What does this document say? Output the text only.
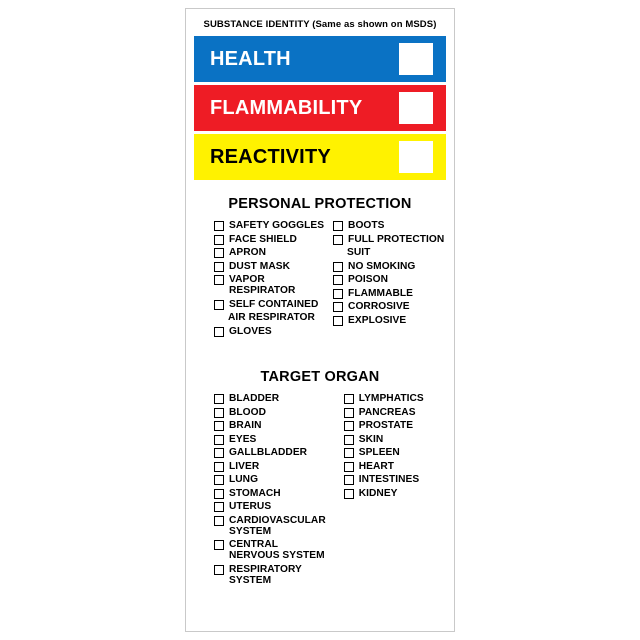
SUBSTANCE IDENTITY (Same as shown on MSDS)
HEALTH
FLAMMABILITY
REACTIVITY
PERSONAL PROTECTION
SAFETY GOGGLES
FACE SHIELD
APRON
DUST MASK
VAPOR RESPIRATOR
SELF CONTAINED
AIR RESPIRATOR
GLOVES
BOOTS
FULL PROTECTION
SUIT
NO SMOKING
POISON
FLAMMABLE
CORROSIVE
EXPLOSIVE
TARGET ORGAN
BLADDER
BLOOD
BRAIN
EYES
GALLBLADDER
LIVER
LUNG
STOMACH
UTERUS
CARDIOVASCULAR SYSTEM
CENTRAL NERVOUS SYSTEM
RESPIRATORY SYSTEM
LYMPHATICS
PANCREAS
PROSTATE
SKIN
SPLEEN
HEART
INTESTINES
KIDNEY
